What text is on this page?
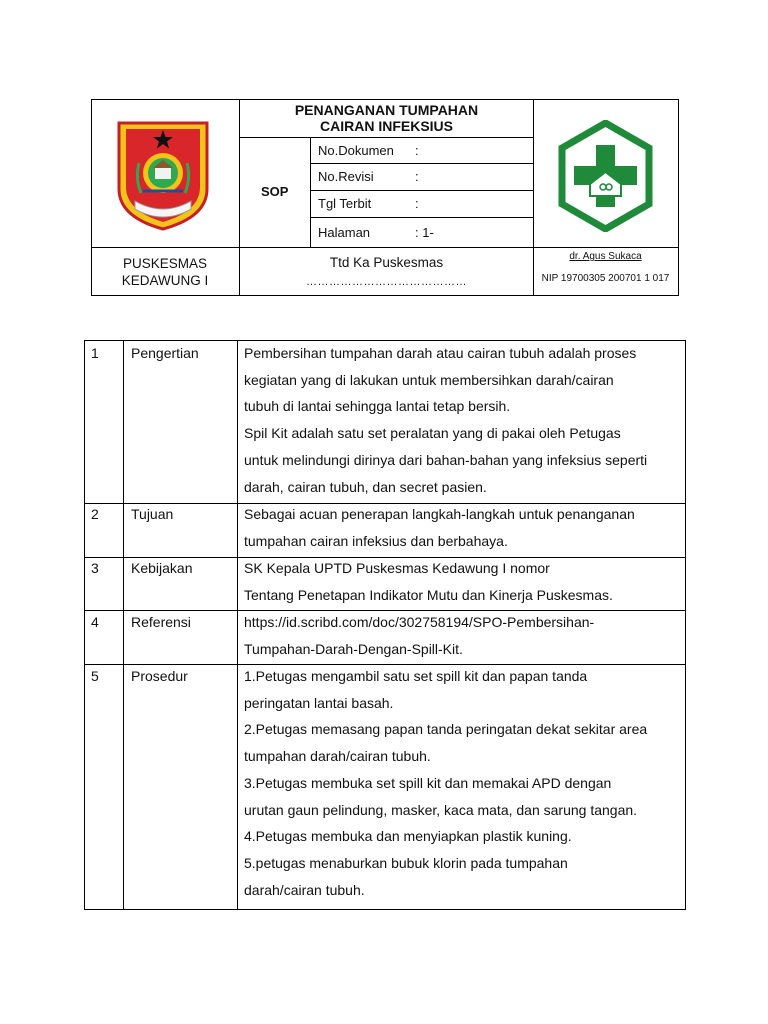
PENANGANAN TUMPAHAN
CAIRAN INFEKSIUS
SOP
No.Dokumen :
No.Revisi	:
Tgl Terbit	:
Halaman	: 1-
PUSKESMAS
KEDAWUNG I
Ttd Ka Puskesmas
……………………………………
dr. Agus Sukaca
NIP 19700305 200701 1 017
1 Pengertian	Pembersihan tumpahan darah atau cairan tubuh adalah proses
kegiatan yang di lakukan untuk membersihkan darah/cairan
tubuh di lantai sehingga lantai tetap bersih.
Spil Kit adalah satu set peralatan yang di pakai oleh Petugas
untuk melindungi dirinya dari bahan-bahan yang infeksius seperti
darah, cairan tubuh, dan secret pasien.
2 Tujuan	Sebagai acuan penerapan langkah-langkah untuk penanganan
tumpahan cairan infeksius dan berbahaya.
3 Kebijakan	SK Kepala UPTD Puskesmas Kedawung I nomor
Tentang Penetapan Indikator Mutu dan Kinerja Puskesmas.
4 Referensi	https://id.scribd.com/doc/302758194/SPO-Pembersihan-
Tumpahan-Darah-Dengan-Spill-Kit.
5 Prosedur	1.Petugas mengambil satu set spill kit dan papan tanda
peringatan lantai basah.
2.Petugas memasang papan tanda peringatan dekat sekitar area
tumpahan darah/cairan tubuh.
3.Petugas membuka set spill kit dan memakai APD dengan
urutan gaun pelindung, masker, kaca mata, dan sarung tangan.
4.Petugas membuka dan menyiapkan plastik kuning.
5.petugas menaburkan bubuk klorin pada tumpahan
darah/cairan tubuh.
